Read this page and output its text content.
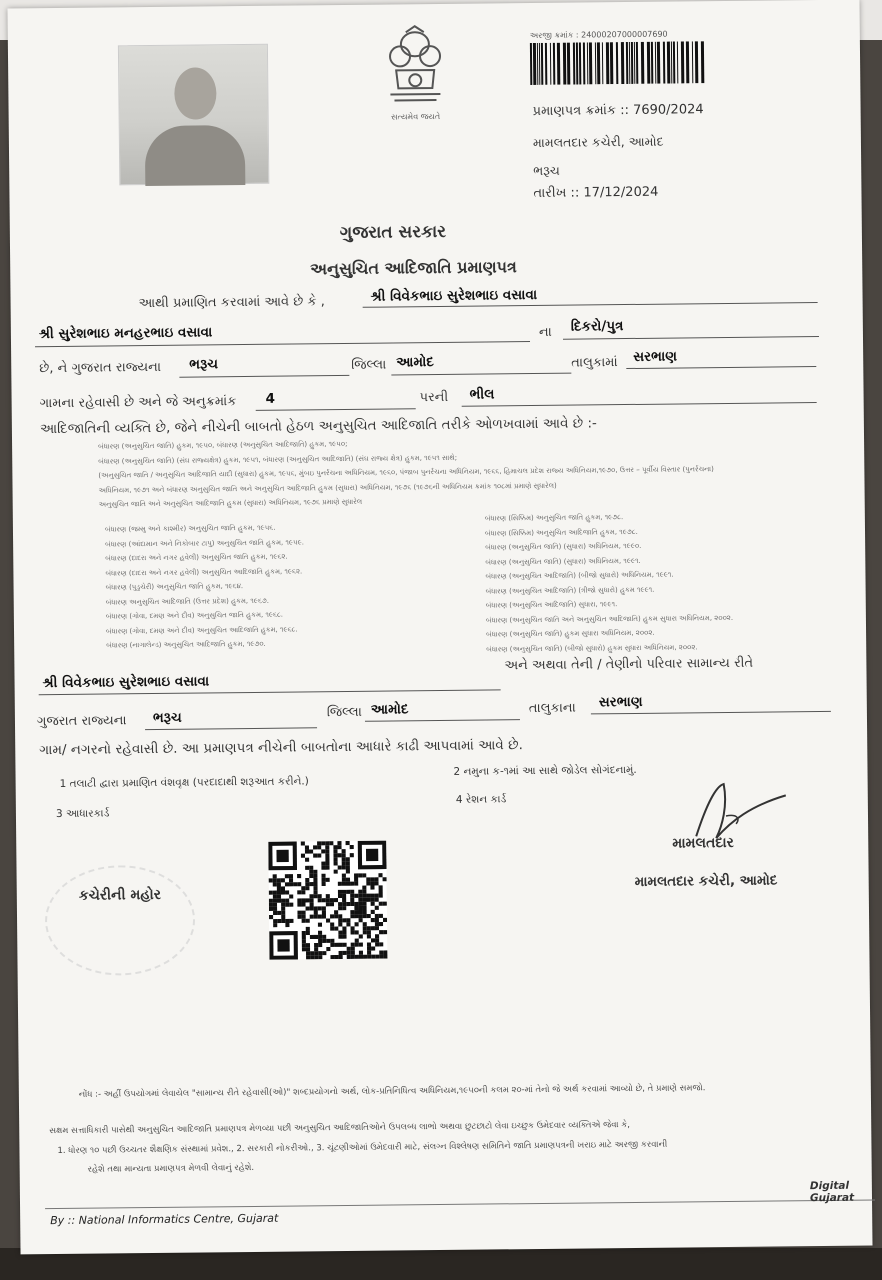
સત્યમેવ જયતે
અરજી ક્રમાંક : 24000207000007690
પ્રમાણપત્ર ક્રમાંક :: 7690/2024
મામલતદાર કચેરી, આમોદ
ભરૂચ
તારીખ :: 17/12/2024
ગુજરાત સરકાર
અનુસુચિત આદિજાતિ પ્રમાણપત્ર
આથી પ્રમાણિત કરવામાં આવે છે કે ,	શ્રી વિવેકભાઇ સુરેશભાઇ વસાવા
શ્રી સુરેશભાઇ મનહરભાઇ વસાવા	ના દિકરો/પુત્ર
છે, ને ગુજરાત રાજ્યના ભરૂચ	જિલ્લા આમોદ	તાલુકામાં સરભાણ
ગામના રહેવાસી છે અને જે અનુક્રમાંક 4	પરની ભીલ
આદિજાતિની વ્યક્તિ છે, જેને નીચેની બાબતો હેઠળ અનુસુચિત આદિજાતિ તરીકે ઓળખવામાં આવે છે :-
બંધારણ (અનુસુચિત જાતિ) હુકમ, ૧૯૫૦, બંધારણ (અનુસુચિત આદિજાતિ) હુકમ, ૧૯૫૦;
બંધારણ (અનુસુચિત જાતિ) (સંઘ રાજ્યક્ષેત્ર) હુકમ, ૧૯૫૧, બંધારણ (અનુસુચિત આદિજાતિ) (સંઘ રાજ્ય ક્ષેત્ર) હુકમ, ૧૯૫૧ સાથે;
(અનુસુચિત જાતિ / અનુસુચિત આદિજાતિ યાદી (સુધારા) હુકમ, ૧૯૫૬, મુંબઇ પુનર્રચના અધિનિયમ, ૧૯૬૦, પંજાબ પુનર્રચના અધિનિયમ, ૧૯૬૬, હિમાચલ પ્રદેશ રાજ્ય અધિનિયમ,૧૯૭૦, ઉત્તર – પૂર્વીય વિસ્તાર (પુનર્રચના)
અધિનિયમ, ૧૯૭૧ અને બંધારણ અનુસુચિત જાતિ અને અનુસુચિત આદિજાતિ હુકમ (સુધારા) અધિનિયમ, ૧૯૭૬ (૧૯૭૬ની અધિનિયમ ક્રમાંક ૧૦૮માં પ્રમાણે સુધારેલ)
અનુસુચિત જાતિ અને અનુસુચિત આદિજાતિ હુકમ (સુધારા) અધિનિયમ, ૧૯૭૬ પ્રમાણે સુધારેલ
બંધારણ (જમ્મુ અને કાશ્મીર) અનુસુચિત જાતિ હુકમ, ૧૯૫૬.
બંધારણ (આંદામાન અને નિકોબાર ટાપુ) અનુસુચિત જાતિ હુકમ, ૧૯૫૯.
બંધારણ (દાદરા અને નગર હવેલી) અનુસુચિત જાતિ હુકમ, ૧૯૬૨.
બંધારણ (દાદરા અને નગર હવેલી) અનુસુચિત આદિજાતિ હુકમ, ૧૯૬૨.
બંધારણ (પુડુચેરી) અનુસુચિત જાતિ હુકમ, ૧૯૬૪.
બંધારણ અનુસુચિત આદિજાતિ (ઉત્તર પ્રદેશ) હુકમ, ૧૯૬૭.
બંધારણ (ગોવા, દમણ અને દીવ) અનુસુચિત જાતિ હુકમ, ૧૯૬૮.
બંધારણ (ગોવા, દમણ અને દીવ) અનુસુચિત આદિજાતિ હુકમ, ૧૯૬૮.
બંધારણ (નાગાલેન્ડ) અનુસુચિત આદિજાતિ હુકમ, ૧૯૭૦.
બંધારણ (સિક્કિમ) અનુસુચિત જાતિ હુકમ, ૧૯૭૮.
બંધારણ (સિક્કિમ) અનુસુચિત આદિજાતિ હુકમ, ૧૯૭૮.
બંધારણ (અનુસુચિત જાતિ) (સુધારા) અધિનિયમ, ૧૯૯૦.
બંધારણ (અનુસુચિત જાતિ) (સુધારા) અધિનિયમ, ૧૯૯૧.
બંધારણ (અનુસુચિત આદિજાતિ) (બીજો સુધારો) અધિનિયમ, ૧૯૯૧.
બંધારણ (અનુસુચિત આદિજાતિ) (ત્રીજો સુધારો) હુકમ ૧૯૯૧.
બંધારણ (અનુસુચિત આદિજાતિ) સુધારા, ૧૯૯૧.
બંધારણ (અનુસુચિત જાતિ અને અનુસુચિત આદિજાતિ) હુકમ સુધારા અધિનિયમ, ૨૦૦૨.
બંધારણ (અનુસુચિત જાતિ) હુકમ સુધારા અધિનિયમ, ૨૦૦૨.
બંધારણ (અનુસુચિત જાતિ) (બીજો સુધારો) હુકમ સુધારા અધિનિયમ, ૨૦૦૨.
અને અથવા તેની / તેણીનો પરિવાર સામાન્ય રીતે
શ્રી વિવેકભાઇ સુરેશભાઇ વસાવા
ગુજરાત રાજ્યના ભરૂચ	જિલ્લા આમોદ	તાલુકાના સરભાણ
ગામ/ નગરનો રહેવાસી છે. આ પ્રમાણપત્ર નીચેની બાબતોના આધારે કાઢી આપવામાં આવે છે.
1 તલાટી દ્વારા પ્રમાણિત વંશવૃક્ષ (પરદાદાથી શરૂઆત કરીને.)
2 નમુના ક-૧માં આ સાથે જોડેલ સોગંદનામું.
3 આધારકાર્ડ
4 રેશન કાર્ડ
કચેરીની મહોર
મામલતદાર
મામલતદાર કચેરી, આમોદ
નોંધ :- અહીં ઉપયોગમાં લેવાયેલ "સામાન્ય રીતે રહેવાસી(ઓ)" શબ્દપ્રયોગનો અર્થ, લોક-પ્રતિનિધિત્વ અધિનિયમ,૧૯૫૦ની કલમ ૨૦-માં તેનો જે અર્થ કરવામાં આવ્યો છે, તે પ્રમાણે સમજો.
સક્ષમ સત્તાધિકારી પાસેથી અનુસુચિત આદિજાતિ પ્રમાણપત્ર મેળવ્યા પછી અનુસુચિત આદિજાતિઓને ઉપલબ્ધ લાભો અથવા છુટછાટો લેવા ઇચ્છુક ઉમેદવાર વ્યક્તિએ જેવા કે,
1. ધોરણ ૧૦ પછી ઉચ્ચતર શૈક્ષણિક સંસ્થામાં પ્રવેશ., 2. સરકારી નોકરીઓ., 3. ચૂંટણીઓમાં ઉમેદવારી માટે, સંલગ્ન વિશ્લેષણ સમિતિને જાતિ પ્રમાણપત્રની ખરાઇ માટે અરજી કરવાની
રહેશે તથા માન્યતા પ્રમાણપત્ર મેળવી લેવાનું રહેશે.
Digital Gujarat
By :: National Informatics Centre, Gujarat
